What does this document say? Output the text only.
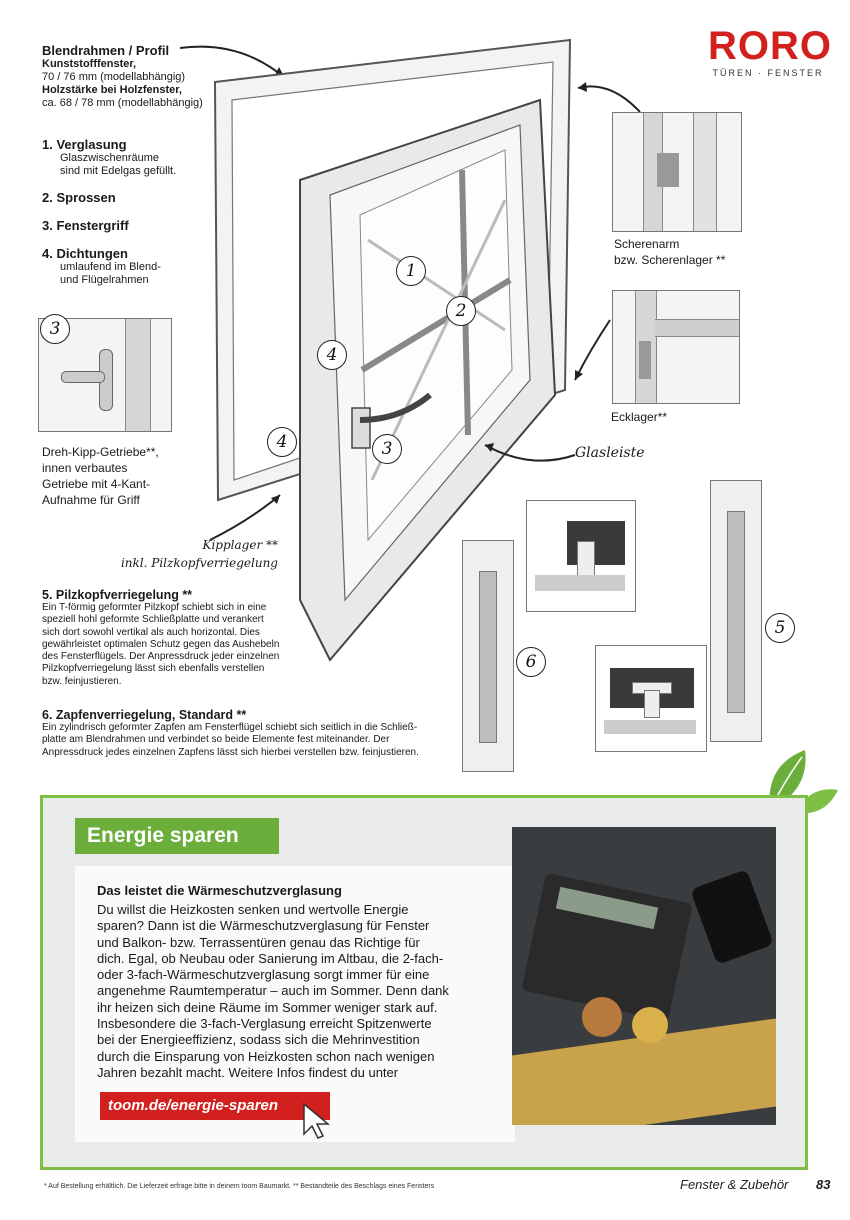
RORO
TÜREN · FENSTER
Blendrahmen / Profil
Kunststofffenster,
70 / 76 mm (modellabhängig)
Holzstärke bei Holzfenster,
ca. 68 / 78 mm (modellabhängig)
1. Verglasung
Glaszwischenräume
sind mit Edelgas gefüllt.
2. Sprossen
3. Fenstergriff
4. Dichtungen
umlaufend im Blend-
und Flügelrahmen
Scherenarm
bzw. Scherenlager **
Ecklager**
Glasleiste
Dreh-Kipp-Getriebe**,
innen verbautes
Getriebe mit 4-Kant-
Aufnahme für Griff
Kipplager **
inkl. Pilzkopfverriegelung
1
2
3
4
3
4
5
6
5. Pilzkopfverriegelung **
Ein T-förmig geformter Pilzkopf schiebt sich in eine
speziell hohl geformte Schließplatte und verankert
sich dort sowohl vertikal als auch horizontal. Dies
gewährleistet optimalen Schutz gegen das Aushebeln
des Fensterflügels. Der Anpressdruck jeder einzelnen
Pilzkopfverriegelung lässt sich ebenfalls verstellen
bzw. feinjustieren.
6. Zapfenverriegelung, Standard **
Ein zylindrisch geformter Zapfen am Fensterflügel schiebt sich seitlich in die Schließ-
platte am Blendrahmen und verbindet so beide Elemente fest miteinander. Der
Anpressdruck jedes einzelnen Zapfens lässt sich hierbei verstellen bzw. feinjustieren.
Energie sparen
Das leistet die Wärmeschutzverglasung
Du willst die Heizkosten senken und wertvolle Energie
sparen? Dann ist die Wärmeschutzverglasung für Fenster
und Balkon- bzw. Terrassentüren genau das Richtige für
dich. Egal, ob Neubau oder Sanierung im Altbau, die 2-fach-
oder 3-fach-Wärmeschutzverglasung sorgt immer für eine
angenehme Raumtemperatur – auch im Sommer. Denn dank
ihr heizen sich deine Räume im Sommer weniger stark auf.
Insbesondere die 3-fach-Verglasung erreicht Spitzenwerte
bei der Energieeffizienz, sodass sich die Mehrinvestition
durch die Einsparung von Heizkosten schon nach wenigen
Jahren bezahlt macht. Weitere Infos findest du unter
toom.de/energie-sparen
* Auf Bestellung erhältlich. Die Lieferzeit erfrage bitte in deinem toom Baumarkt. ** Bestandteile des Beschlags eines Fensters	Fenster & Zubehör 83
